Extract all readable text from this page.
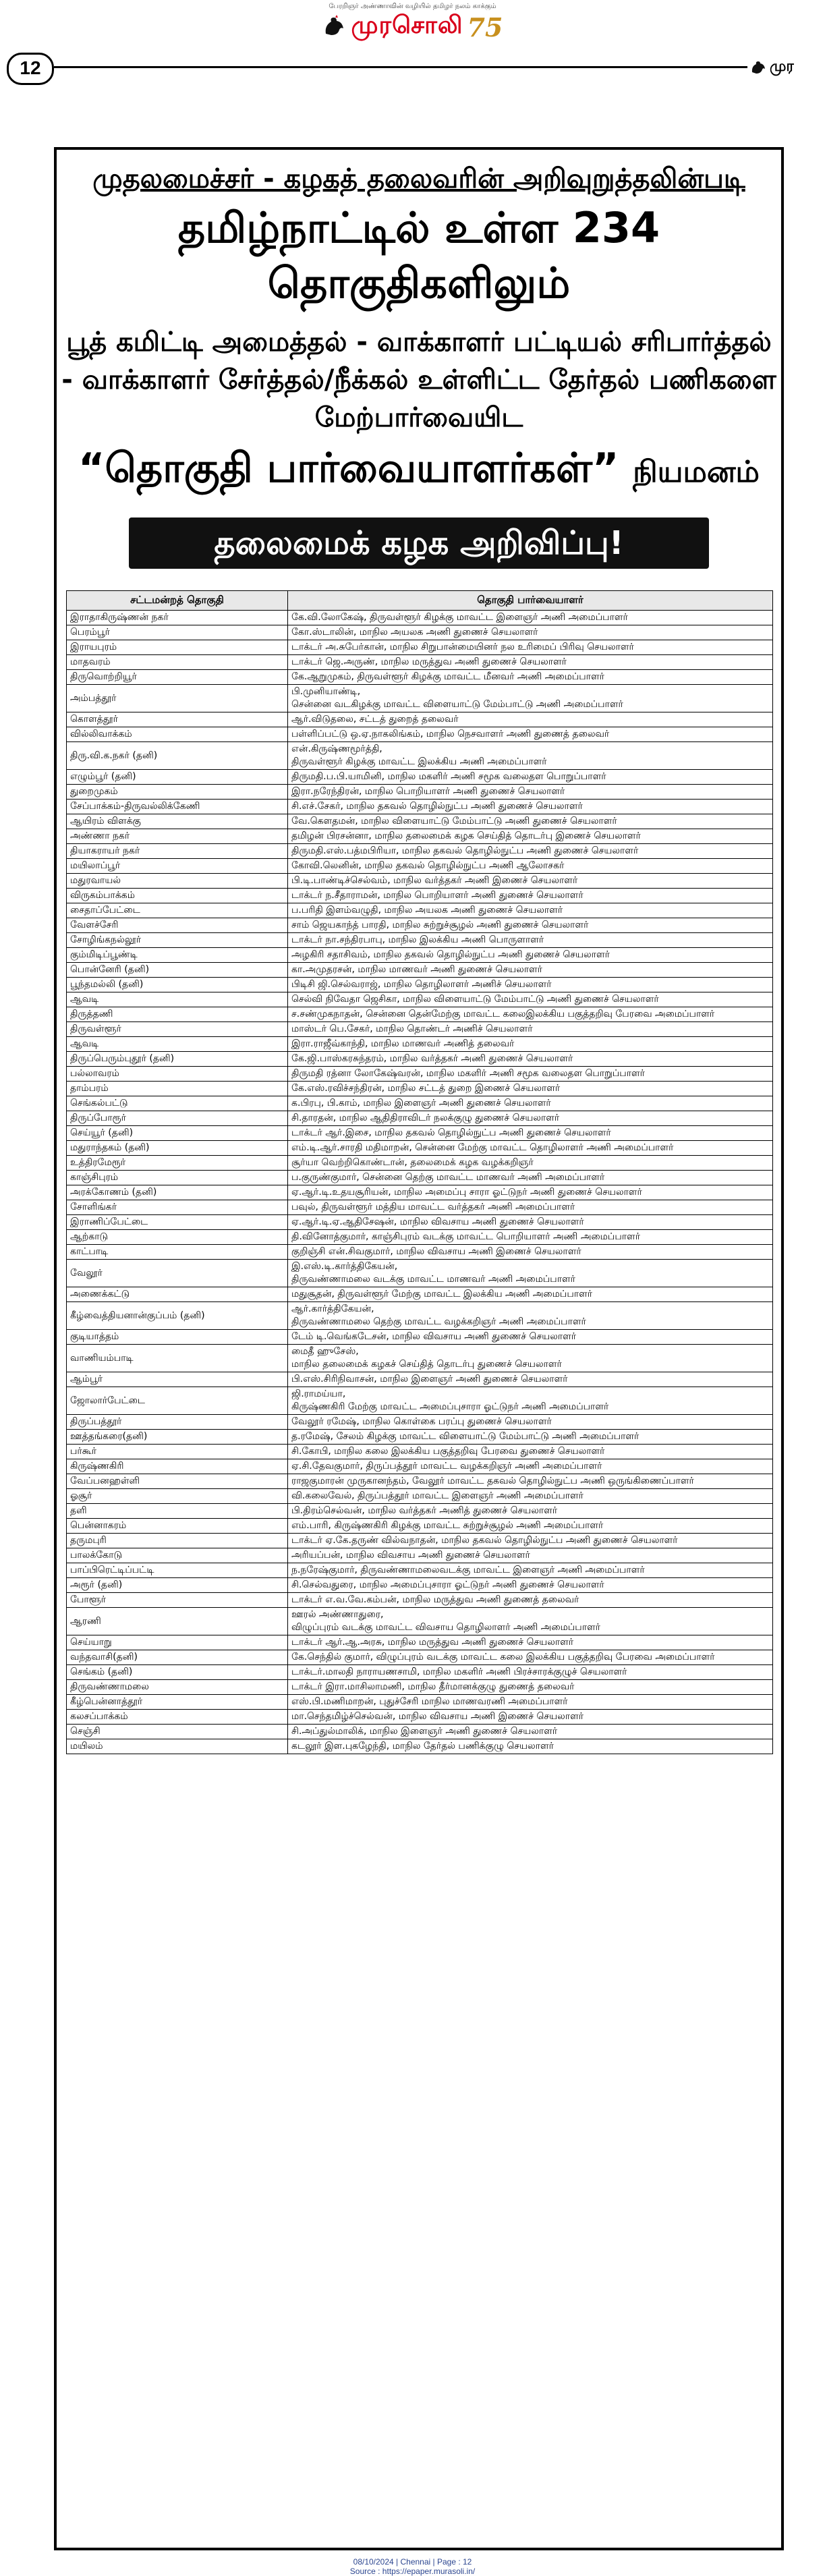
பேரறிஞர் அண்ணாவின் வழியில் தமிழர் நலம் காக்கும்
முரசொலி 75
12	முர
முதலமைச்சர் - கழகத் தலைவரின் அறிவுறுத்தலின்படி
தமிழ்நாட்டில் உள்ள 234 தொகுதிகளிலும்
பூத் கமிட்டி அமைத்தல் - வாக்காளர் பட்டியல் சரிபார்த்தல் - வாக்காளர் சேர்த்தல்/நீக்கல் உள்ளிட்ட தேர்தல் பணிகளை மேற்பார்வையிட
“தொகுதி பார்வையாளர்கள்” நியமனம்
தலைமைக் கழக அறிவிப்பு!
சட்டமன்றத் தொகுதி	தொகுதி பார்வையாளர்
இராதாகிருஷ்ணன் நகர்	கே.வி.லோகேஷ், திருவள்ளூர் கிழக்கு மாவட்ட இளைஞர் அணி அமைப்பாளர்
பெரம்பூர்	கோ.ஸ்டாலின், மாநில அயலக அணி துணைச் செயலாளர்
இராயபுரம்	டாக்டர் அ.சுபேர்கான், மாநில சிறுபான்மையினர் நல உரிமைப் பிரிவு செயலாளர்
மாதவரம்	டாக்டர் ஜெ.அருண், மாநில மருத்துவ அணி துணைச் செயலாளர்
திருவொற்றியூர்	கே.ஆறுமுகம், திருவள்ளூர் கிழக்கு மாவட்ட மீனவர் அணி அமைப்பாளர்
அம்பத்தூர்	பி.முனியாண்டி,
சென்னை வடகிழக்கு மாவட்ட விளையாட்டு மேம்பாட்டு அணி அமைப்பாளர்
கொளத்தூர்	ஆர்.விடுதலை, சட்டத் துறைத் தலைவர்
வில்லிவாக்கம்	பள்ளிப்பட்டு ஒ.ஏ.நாகலிங்கம், மாநில நெசவாளர் அணி துணைத் தலைவர்
திரு.வி.க.நகர் (தனி)	என்.கிருஷ்ணமூர்த்தி,
திருவள்ளூர் கிழக்கு மாவட்ட இலக்கிய அணி அமைப்பாளர்
எழும்பூர் (தனி)	திருமதி.ப.பி.யாமினி, மாநில மகளிர் அணி சமூக வலைதள பொறுப்பாளர்
துறைமுகம்	இரா.நரேந்திரன், மாநில பொறியாளர் அணி துணைச் செயலாளர்
சேப்பாக்கம்-திருவல்லிக்கேணி	சி.எச்.சேகர், மாநில தகவல் தொழில்நுட்ப அணி துணைச் செயலாளர்
ஆயிரம் விளக்கு	வே.கௌதமன், மாநில விளையாட்டு மேம்பாட்டு அணி துணைச் செயலாளர்
அண்ணா நகர்	தமிழன் பிரசன்னா, மாநில தலைமைக் கழக செய்தித் தொடர்பு இணைச் செயலாளர்
தியாகராயர் நகர்	திருமதி.எஸ்.பத்மபிரியா, மாநில தகவல் தொழில்நுட்ப அணி துணைச் செயலாளர்
மயிலாப்பூர்	கோவி.லெனின், மாநில தகவல் தொழில்நுட்ப அணி ஆலோசகர்
மதுரவாயல்	பி.டி.பாண்டிச்செல்வம், மாநில வர்த்தகர் அணி இணைச் செயலாளர்
விருகம்பாக்கம்	டாக்டர் ந.சீதாராமன், மாநில பொறியாளர் அணி துணைச் செயலாளர்
சைதாப்பேட்டை	ப.பரிதி இளம்வழுதி, மாநில அயலக அணி துணைச் செயலாளர்
வேளச்சேரி	சாம் ஜெயகாந்த் பாரதி, மாநில சுற்றுச்சூழல் அணி துணைச் செயலாளர்
சோழிங்கநல்லூர்	டாக்டர் நா.சந்திரபாபு, மாநில இலக்கிய அணி பொருளாளர்
கும்மிடிப்பூண்டி	அழகிரி சதாசிவம், மாநில தகவல் தொழில்நுட்ப அணி துணைச் செயலாளர்
பொன்னேரி (தனி)	கா.அமுதரசன், மாநில மாணவர் அணி துணைச் செயலாளர்
பூந்தமல்லி (தனி)	பிடிசி ஜி.செல்வராஜ், மாநில தொழிலாளர் அணிச் செயலாளர்
ஆவடி	செல்வி நிவேதா ஜெசிகா, மாநில விளையாட்டு மேம்பாட்டு அணி துணைச் செயலாளர்
திருத்தணி	ச.சண்முகநாதன், சென்னை தென்மேற்கு மாவட்ட கலைஇலக்கிய பகுத்தறிவு பேரவை அமைப்பாளர்
திருவள்ளூர்	மாஸ்டர் பெ.சேகர், மாநில தொண்டர் அணிச் செயலாளர்
ஆவடி	இரா.ராஜீவ்காந்தி, மாநில மாணவர் அணித் தலைவர்
திருப்பெரும்புதூர் (தனி)	கே.ஜி.பாஸ்கரசுந்தரம், மாநில வர்த்தகர் அணி துணைச் செயலாளர்
பல்லாவரம்	திருமதி ரத்னா லோகேஷ்வரன், மாநில மகளிர் அணி சமூக வலைதள பொறுப்பாளர்
தாம்பரம்	கே.எஸ்.ரவிச்சந்திரன், மாநில சட்டத் துறை இணைச் செயலாளர்
செங்கல்பட்டு	க.பிரபு, பி.காம், மாநில இளைஞர் அணி துணைச் செயலாளர்
திருப்போரூர்	சி.தாரதன், மாநில ஆதிதிராவிடர் நலக்குழு துணைச் செயலாளர்
செய்யூர் (தனி)	டாக்டர் ஆர்.இசை, மாநில தகவல் தொழில்நுட்ப அணி துணைச் செயலாளர்
மதுராந்தகம் (தனி)	எம்.டி.ஆர்.சாரதி மதிமாறன், சென்னை மேற்கு மாவட்ட தொழிலாளர் அணி அமைப்பாளர்
உத்திரமேரூர்	சூர்யா வெற்றிகொண்டான், தலைமைக் கழக வழக்கறிஞர்
காஞ்சிபுரம்	ப.குருண்குமார், சென்னை தெற்கு மாவட்ட மாணவர் அணி அமைப்பாளர்
அரக்கோணம் (தனி)	ஏ.ஆர்.டி.உதயசூரியன், மாநில அமைப்பு சாரா ஓட்டுநர் அணி துணைச் செயலாளர்
சோளிங்கர்	பவுல், திருவள்ளூர் மத்திய மாவட்ட வர்த்தகர் அணி அமைப்பாளர்
இராணிப்பேட்டை	ஏ.ஆர்.டி.ஏ.ஆதிசேஷன், மாநில விவசாய அணி துணைச் செயலாளர்
ஆற்காடு	தி.வினோத்குமார், காஞ்சிபுரம் வடக்கு மாவட்ட பொறியாளர் அணி அமைப்பாளர்
காட்பாடி	குறிஞ்சி என்.சிவகுமார், மாநில விவசாய அணி இணைச் செயலாளர்
வேலூர்	இ.எஸ்.டி.கார்த்திகேயன்,
திருவண்ணாமலை வடக்கு மாவட்ட மாணவர் அணி அமைப்பாளர்
அணைக்கட்டு	மதுசூதன், திருவள்ளூர் மேற்கு மாவட்ட இலக்கிய அணி அமைப்பாளர்
கீழ்வைத்தியனான்குப்பம் (தனி)	ஆர்.கார்த்திகேயன்,
திருவண்ணாமலை தெற்கு மாவட்ட வழக்கறிஞர் அணி அமைப்பாளர்
குடியாத்தம்	டேம் டி.வெங்கடேசன், மாநில விவசாய அணி துணைச் செயலாளர்
வாணியம்பாடி	மைதீ ஹுசேஸ்,
மாநில தலைமைக் கழகச் செய்தித் தொடர்பு துணைச் செயலாளர்
ஆம்பூர்	பி.எஸ்.சிரிநிவாசன், மாநில இளைஞர் அணி துணைச் செயலாளர்
ஜோலார்பேட்டை	ஜி.ராமய்யா,
கிருஷ்ணகிரி மேற்கு மாவட்ட அமைப்புசாரா ஓட்டுநர் அணி அமைப்பாளர்
திருப்பத்தூர்	வேலூர் ரமேஷ், மாநில கொள்கை பரப்பு துணைச் செயலாளர்
ஊத்தங்கரை(தனி)	த.ரமேஷ், சேலம் கிழக்கு மாவட்ட விளையாட்டு மேம்பாட்டு அணி அமைப்பாளர்
பர்கூர்	சி.கோபி, மாநில கலை இலக்கிய பகுத்தறிவு பேரவை துணைச் செயலாளர்
கிருஷ்ணகிரி	ஏ.சி.தேவகுமார், திருப்பத்தூர் மாவட்ட வழக்கறிஞர் அணி அமைப்பாளர்
வேப்பனஹள்ளி	ராஜகுமாரன் முருகானந்தம், வேலூர் மாவட்ட தகவல் தொழில்நுட்ப அணி ஒருங்கிணைப்பாளர்
ஓசூர்	வி.கலைவேல், திருப்பத்தூர் மாவட்ட இளைஞர் அணி அமைப்பாளர்
தளி	பி.திரம்செல்வன், மாநில வர்த்தகர் அணித் துணைச் செயலாளர்
பென்னாகரம்	எம்.பாரி, கிருஷ்ணகிரி கிழக்கு மாவட்ட சுற்றுச்சூழல் அணி அமைப்பாளர்
தருமபுரி	டாக்டர் ஏ.கே.தருண் வில்வநாதன், மாநில தகவல் தொழில்நுட்ப அணி துணைச் செயலாளர்
பாலக்கோடு	அரியப்பன், மாநில விவசாய அணி துணைச் செயலாளர்
பாப்பிரெட்டிப்பட்டி	ந.நரேஷ்குமார், திருவண்ணாமலைவடக்கு மாவட்ட இளைஞர் அணி அமைப்பாளர்
அரூர் (தனி)	சி.செல்வதுரை, மாநில அமைப்புசாரா ஓட்டுநர் அணி துணைச் செயலாளர்
போளூர்	டாக்டர் எ.வ.வே.கம்பன், மாநில மருத்துவ அணி துணைத் தலைவர்
ஆரணி	ஊரல் அண்ணாதுரை,
விழுப்புரம் வடக்கு மாவட்ட விவசாய தொழிலாளர் அணி அமைப்பாளர்
செய்யாறு	டாக்டர் ஆர்.ஆ.அரசு, மாநில மருத்துவ அணி துணைச் செயலாளர்
வந்தவாசி(தனி)	கே.செந்தில் குமார், விழுப்புரம் வடக்கு மாவட்ட கலை இலக்கிய பகுத்தறிவு பேரவை அமைப்பாளர்
செங்கம் (தனி)	டாக்டர்.மாலதி நாராயணசாமி, மாநில மகளிர் அணி பிரச்சாரக்குழுச் செயலாளர்
திருவண்ணாமலை	டாக்டர் இரா.மாசிலாமணி, மாநில தீர்மானக்குழு துணைத் தலைவர்
கீழ்பென்னாத்தூர்	எஸ்.பி.மணிமாறன், புதுச்சேரி மாநில மாணவரணி அமைப்பாளர்
கலசப்பாக்கம்	மா.செந்தமிழ்ச்செல்வன், மாநில விவசாய அணி இணைச் செயலாளர்
செஞ்சி	சி.அப்துல்மாலிக், மாநில இளைஞர் அணி துணைச் செயலாளர்
மயிலம்	கடலூர் இள.புகழேந்தி, மாநில தேர்தல் பணிக்குழு செயலாளர்
08/10/2024 | Chennai | Page : 12
Source : https://epaper.murasoli.in/
